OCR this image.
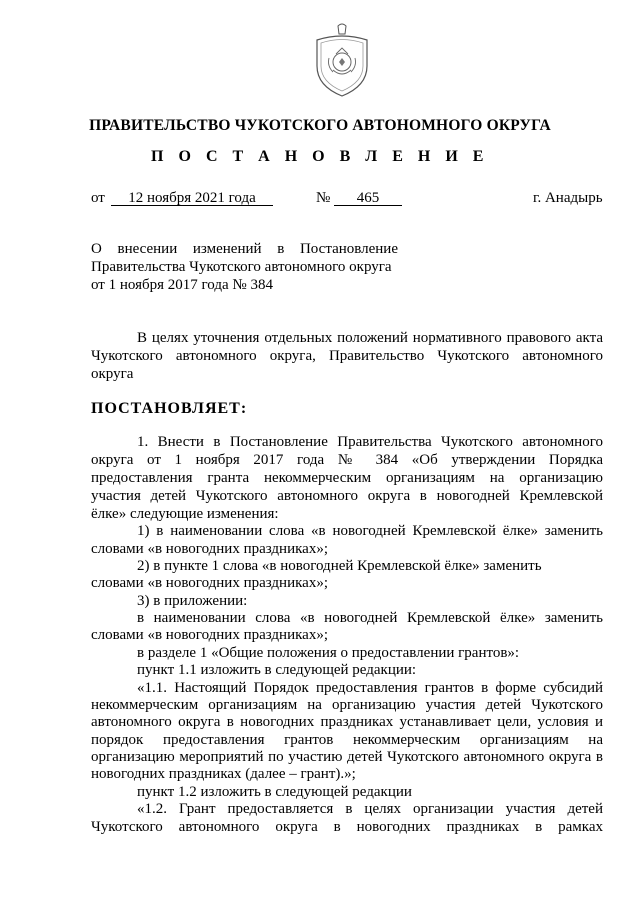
ПРАВИТЕЛЬСТВО ЧУКОТСКОГО АВТОНОМНОГО ОКРУГА
П О С Т А Н О В Л Е Н И Е
от	12 ноября 2021 года	№	465	г. Анадырь
О внесении изменений в Постановление
Правительства Чукотского автономного округа
от 1 ноября 2017 года № 384
В целях уточнения отдельных положений нормативного правового акта
Чукотского автономного округа, Правительство Чукотского автономного
округа
ПОСТАНОВЛЯЕТ:
1. Внести в Постановление Правительства Чукотского автономного
округа от 1 ноября 2017 года № 384 «Об утверждении Порядка
предоставления гранта некоммерческим организациям на организацию
участия детей Чукотского автономного округа в новогодней Кремлевской
ёлке» следующие изменения:
1) в наименовании слова «в новогодней Кремлевской ёлке» заменить
словами «в новогодних праздниках»;
2) в пункте 1 слова «в новогодней Кремлевской ёлке» заменить
словами «в новогодних праздниках»;
3) в приложении:
в наименовании слова «в новогодней Кремлевской ёлке» заменить
словами «в новогодних праздниках»;
в разделе 1 «Общие положения о предоставлении грантов»:
пункт 1.1 изложить в следующей редакции:
«1.1. Настоящий Порядок предоставления грантов в форме субсидий
некоммерческим организациям на организацию участия детей Чукотского
автономного округа в новогодних праздниках устанавливает цели, условия и
порядок предоставления грантов некоммерческим организациям на
организацию мероприятий по участию детей Чукотского автономного округа в
новогодних праздниках (далее – грант).»;
пункт 1.2 изложить в следующей редакции
«1.2. Грант предоставляется в целях организации участия детей
Чукотского автономного округа в новогодних праздниках в рамках
